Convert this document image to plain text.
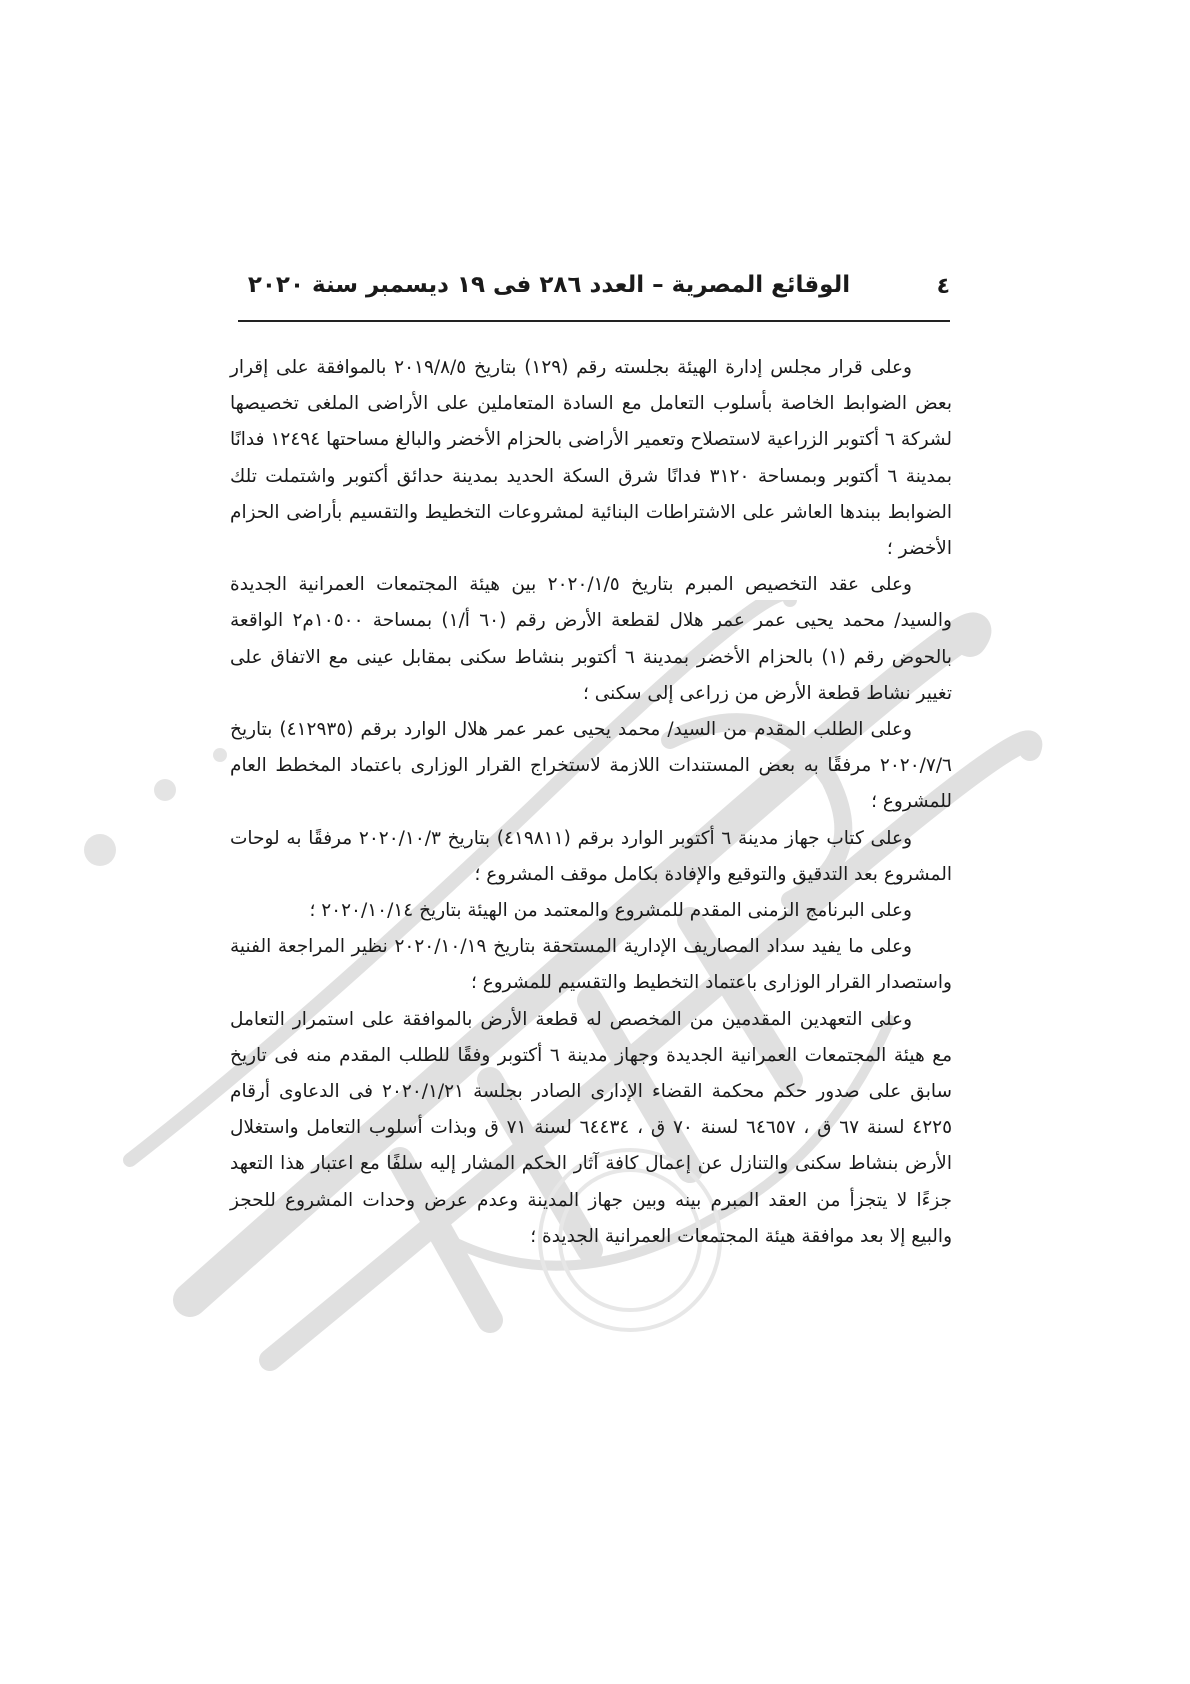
٤
الوقائع المصرية – العدد ٢٨٦ فى ١٩ ديسمبر سنة ٢٠٢٠

وعلى قرار مجلس إدارة الهيئة بجلسته رقم (١٢٩) بتاريخ ٢٠١٩/٨/٥ بالموافقة على إقرار بعض الضوابط الخاصة بأسلوب التعامل مع السادة المتعاملين على الأراضى الملغى تخصيصها لشركة ٦ أكتوبر الزراعية لاستصلاح وتعمير الأراضى بالحزام الأخضر والبالغ مساحتها ١٢٤٩٤ فدانًا بمدينة ٦ أكتوبر وبمساحة ٣١٢٠ فدانًا شرق السكة الحديد بمدينة حدائق أكتوبر واشتملت تلك الضوابط ببندها العاشر على الاشتراطات البنائية لمشروعات التخطيط والتقسيم بأراضى الحزام الأخضر ؛

وعلى عقد التخصيص المبرم بتاريخ ٢٠٢٠/١/٥ بين هيئة المجتمعات العمرانية الجديدة والسيد/ محمد يحيى عمر عمر هلال لقطعة الأرض رقم (٦٠ أ/١) بمساحة ١٠٥٠٠م٢ الواقعة بالحوض رقم (١) بالحزام الأخضر بمدينة ٦ أكتوبر بنشاط سكنى بمقابل عينى مع الاتفاق على تغيير نشاط قطعة الأرض من زراعى إلى سكنى ؛

وعلى الطلب المقدم من السيد/ محمد يحيى عمر عمر هلال الوارد برقم (٤١٢٩٣٥) بتاريخ ٢٠٢٠/٧/٦ مرفقًا به بعض المستندات اللازمة لاستخراج القرار الوزارى باعتماد المخطط العام للمشروع ؛

وعلى كتاب جهاز مدينة ٦ أكتوبر الوارد برقم (٤١٩٨١١) بتاريخ ٢٠٢٠/١٠/٣ مرفقًا به لوحات المشروع بعد التدقيق والتوقيع والإفادة بكامل موقف المشروع ؛

وعلى البرنامج الزمنى المقدم للمشروع والمعتمد من الهيئة بتاريخ ٢٠٢٠/١٠/١٤ ؛

وعلى ما يفيد سداد المصاريف الإدارية المستحقة بتاريخ ٢٠٢٠/١٠/١٩ نظير المراجعة الفنية واستصدار القرار الوزارى باعتماد التخطيط والتقسيم للمشروع ؛

وعلى التعهدين المقدمين من المخصص له قطعة الأرض بالموافقة على استمرار التعامل مع هيئة المجتمعات العمرانية الجديدة وجهاز مدينة ٦ أكتوبر وفقًا للطلب المقدم منه فى تاريخ سابق على صدور حكم محكمة القضاء الإدارى الصادر بجلسة ٢٠٢٠/١/٢١ فى الدعاوى أرقام ٤٢٢٥ لسنة ٦٧ ق ، ٦٤٦٥٧ لسنة ٧٠ ق ، ٦٤٤٣٤ لسنة ٧١ ق وبذات أسلوب التعامل واستغلال الأرض بنشاط سكنى والتنازل عن إعمال كافة آثار الحكم المشار إليه سلفًا مع اعتبار هذا التعهد جزءًا لا يتجزأ من العقد المبرم بينه وبين جهاز المدينة وعدم عرض وحدات المشروع للحجز والبيع إلا بعد موافقة هيئة المجتمعات العمرانية الجديدة ؛
